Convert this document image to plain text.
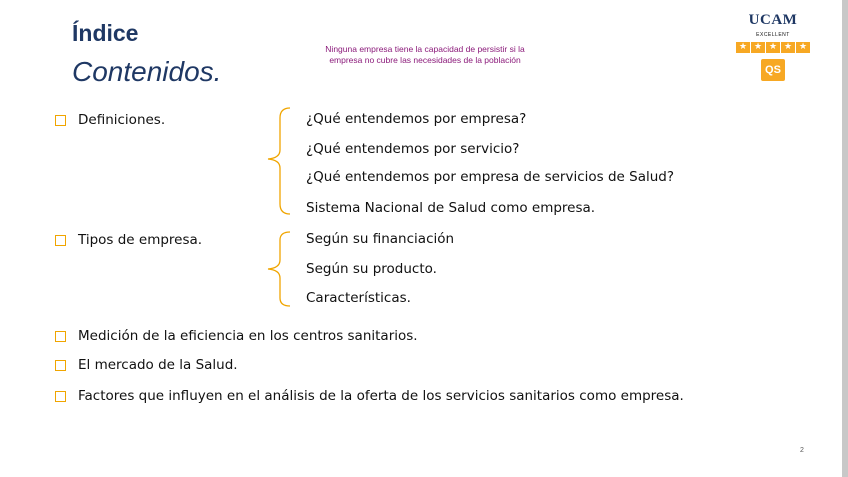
Índice
Contenidos.
Ninguna empresa tiene la capacidad de persistir si la
empresa no cubre las necesidades de la población
UCAM
EXCELLENT
★ ★ ★ ★ ★
QS
Definiciones.	¿Qué entendemos por empresa?
¿Qué entendemos por servicio?
¿Qué entendemos por empresa de servicios de Salud?
Sistema Nacional de Salud como empresa.
Tipos de empresa.	Según su financiación
Según su producto.
Características.
Medición de la eficiencia en los centros sanitarios.
El mercado de la Salud.
Factores que influyen en el análisis de la oferta de los servicios sanitarios como empresa.
2
